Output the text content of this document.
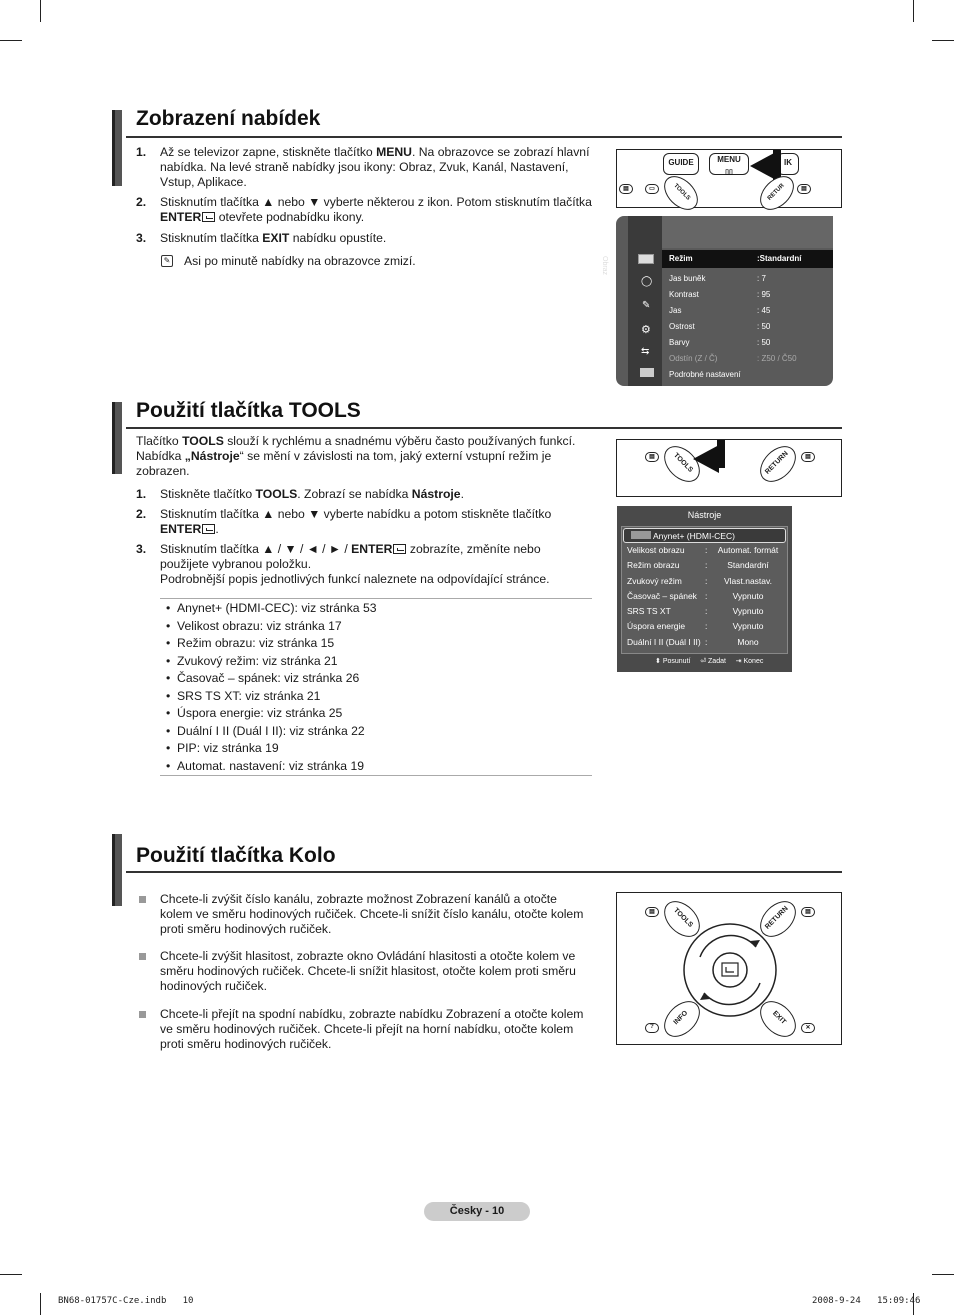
Zobrazení nabídek
1. Až se televizor zapne, stiskněte tlačítko MENU. Na obrazovce se zobrazí hlavní
nabídka. Na levé straně nabídky jsou ikony: Obraz, Zvuk, Kanál, Nastavení,
Vstup, Aplikace.
2. Stisknutím tlačítka ▲ nebo ▼ vyberte některou z ikon. Potom stisknutím tlačítka
ENTER otevřete podnabídku ikony.
3. Stisknutím tlačítka EXIT nabídku opustíte.
✎ Asi po minutě nabídky na obrazovce zmizí.
GUIDE	MENU
▯▯
IK
▭	TOOLS	RETUR
▤	▤
Obraz
◯
✎
⚙
⇆
Režim	:Standardní
Jas buněk	: 7
Kontrast	: 95
Jas	: 45
Ostrost	: 50
Barvy	: 50
Odstín (Z / Č)	: Z50 / Č50
Podrobné nastavení
Použití tlačítka TOOLS
Tlačítko TOOLS slouží k rychlému a snadnému výběru často používaných funkcí.
Nabídka „Nástroje“ se mění v závislosti na tom, jaký externí vstupní režim je
zobrazen.
1. Stiskněte tlačítko TOOLS. Zobrazí se nabídka Nástroje.
2. Stisknutím tlačítka ▲ nebo ▼ vyberte nabídku a potom stiskněte tlačítko
ENTER .
3. Stisknutím tlačítka ▲ / ▼ / ◄ / ► / ENTER zobrazíte, změníte nebo
použijete vybranou položku.
Podrobnější popis jednotlivých funkcí naleznete na odpovídající stránce.
•  Anynet+ (HDMI-CEC): viz stránka 53
•  Velikost obrazu: viz stránka 17
•  Režim obrazu: viz stránka 15
•  Zvukový režim: viz stránka 21
•  Časovač – spánek: viz stránka 26
•  SRS TS XT: viz stránka 21
•  Úspora energie: viz stránka 25
•  Duální I II (Duál I II): viz stránka 22
•  PIP: viz stránka 19
•  Automat. nastavení: viz stránka 19
▤	TOOLS	RETURN	▤
Nástroje
Anynet+ (HDMI-CEC)
Velikost obrazu :	Automat. formát
Režim obrazu	:	Standardní
Zvukový režim	:	Vlast.nastav.
Časovač – spánek :	Vypnuto
SRS TS XT	:	Vypnuto
Úspora energie :	Vypnuto
Duální I II (Duál I II) :	Mono
⬍ Posunutí ⏎ Zadat ⇥ Konec
Použití tlačítka Kolo
Chcete-li zvýšit číslo kanálu, zobrazte možnost Zobrazení kanálů a otočte
kolem ve směru hodinových ručiček. Chcete-li snížit číslo kanálu, otočte kolem
proti směru hodinových ručiček.
Chcete-li zvýšit hlasitost, zobrazte okno Ovládání hlasitosti a otočte kolem ve
směru hodinových ručiček. Chcete-li snížit hlasitost, otočte kolem proti směru
hodinových ručiček.
Chcete-li přejít na spodní nabídku, zobrazte nabídku Zobrazení a otočte kolem
ve směru hodinových ručiček. Chcete-li přejít na horní nabídku, otočte kolem
proti směru hodinových ručiček.
▤	▤
TOOLS	RETURN
INFO	EXIT
?	✕
Česky - 10
BN68-01757C-Cze.indb   10	2008-9-24   15:09:46
